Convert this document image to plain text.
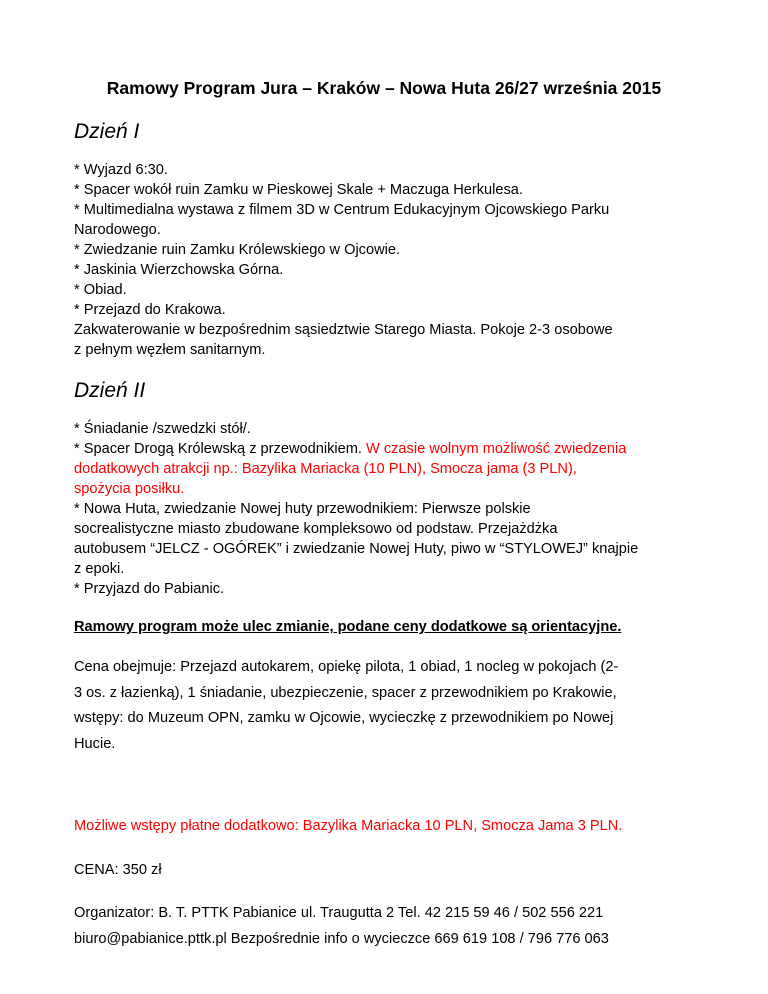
Ramowy Program Jura – Kraków – Nowa Huta 26/27 września 2015
Dzień I

* Wyjazd 6:30.

* Spacer wokół ruin Zamku w Pieskowej Skale + Maczuga Herkulesa.

* Multimedialna wystawa z filmem 3D w Centrum Edukacyjnym Ojcowskiego Parku

Narodowego.

* Zwiedzanie ruin Zamku Królewskiego w Ojcowie.

* Jaskinia Wierzchowska Górna.

* Obiad.

* Przejazd do Krakowa.

Zakwaterowanie w bezpośrednim sąsiedztwie Starego Miasta. Pokoje 2-3 osobowe

z pełnym węzłem sanitarnym.

Dzień II

* Śniadanie /szwedzki stół/.

* Spacer Drogą Królewską z przewodnikiem. W czasie wolnym możliwość zwiedzenia

dodatkowych atrakcji np.: Bazylika Mariacka (10 PLN), Smocza jama (3 PLN),

spożycia posiłku.

* Nowa Huta, zwiedzanie Nowej huty przewodnikiem: Pierwsze polskie

socrealistyczne miasto zbudowane kompleksowo od podstaw. Przejażdżka

autobusem “JELCZ - OGÓREK” i zwiedzanie Nowej Huty, piwo w “STYLOWEJ” knajpie

z epoki.

* Przyjazd do Pabianic.

Ramowy program może ulec zmianie, podane ceny dodatkowe są orientacyjne.

Cena obejmuje: Przejazd autokarem, opiekę pilota, 1 obiad, 1 nocleg w pokojach (2-

3 os. z łazienką), 1 śniadanie, ubezpieczenie, spacer z przewodnikiem po Krakowie,

wstępy: do Muzeum OPN, zamku w Ojcowie, wycieczkę z przewodnikiem po Nowej

Hucie.

Możliwe wstępy płatne dodatkowo: Bazylika Mariacka 10 PLN, Smocza Jama 3 PLN.

CENA: 350 zł

Organizator: B. T. PTTK Pabianice ul. Traugutta 2 Tel. 42 215 59 46 / 502 556 221

biuro@pabianice.pttk.pl Bezpośrednie info o wycieczce 669 619 108 / 796 776 063
